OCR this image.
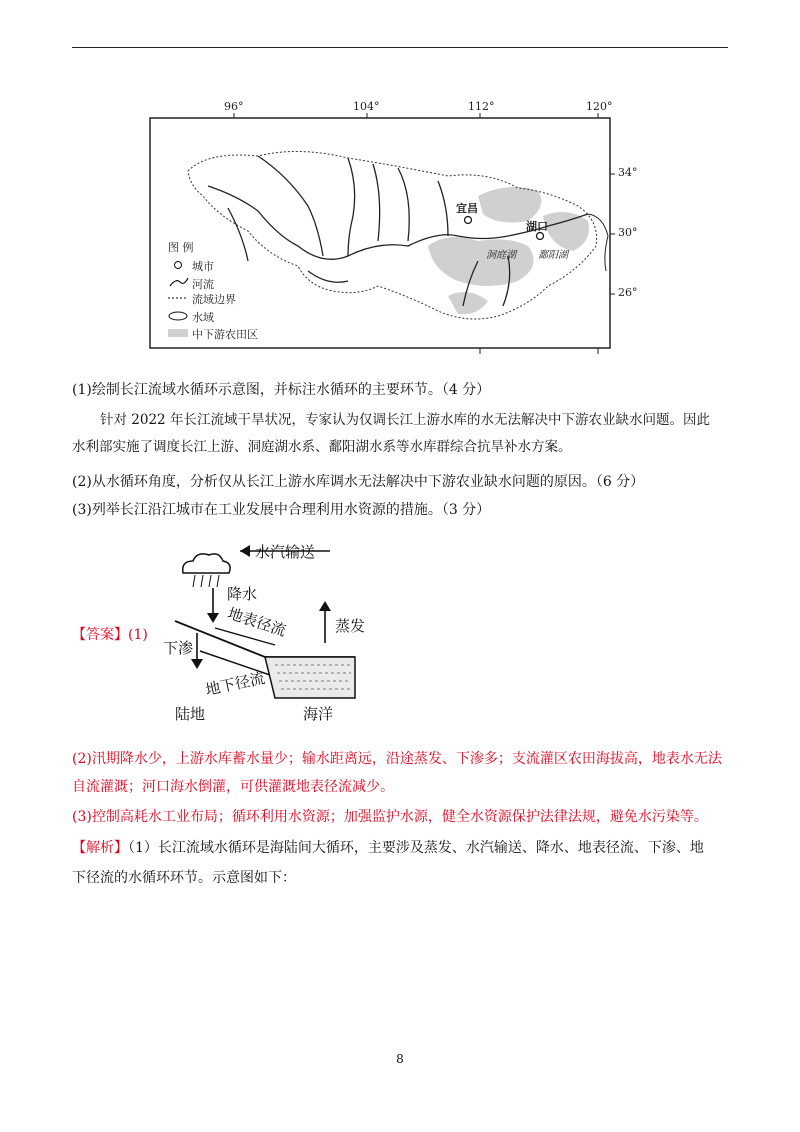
96°	104°	112°	120°
34°
30°
26°
宜昌
湖口
洞庭湖 鄱阳湖
图 例
城市
河流
流域边界
水域
中下游农田区
(1)绘制长江流域水循环示意图，并标注水循环的主要环节。（4 分）
针对 2022 年长江流域干旱状况，专家认为仅调长江上游水库的水无法解决中下游农业缺水问题。因此
水利部实施了调度长江上游、洞庭湖水系、鄱阳湖水系等水库群综合抗旱补水方案。
(2)从水循环角度，分析仅从长江上游水库调水无法解决中下游农业缺水问题的原因。（6 分）
(3)列举长江沿江城市在工业发展中合理利用水资源的措施。（3 分）
【答案】(1)
水汽输送
降水
地表径流	蒸发
下渗
地下径流
陆地	海洋
(2)汛期降水少，上游水库蓄水量少；输水距离远，沿途蒸发、下渗多；支流灌区农田海拔高，地表水无法
自流灌溉；河口海水倒灌，可供灌溉地表径流减少。
(3)控制高耗水工业布局；循环利用水资源；加强监护水源，健全水资源保护法律法规，避免水污染等。
【解析】（1）长江流域水循环是海陆间大循环，主要涉及蒸发、水汽输送、降水、地表径流、下渗、地
下径流的水循环环节。示意图如下：
8
